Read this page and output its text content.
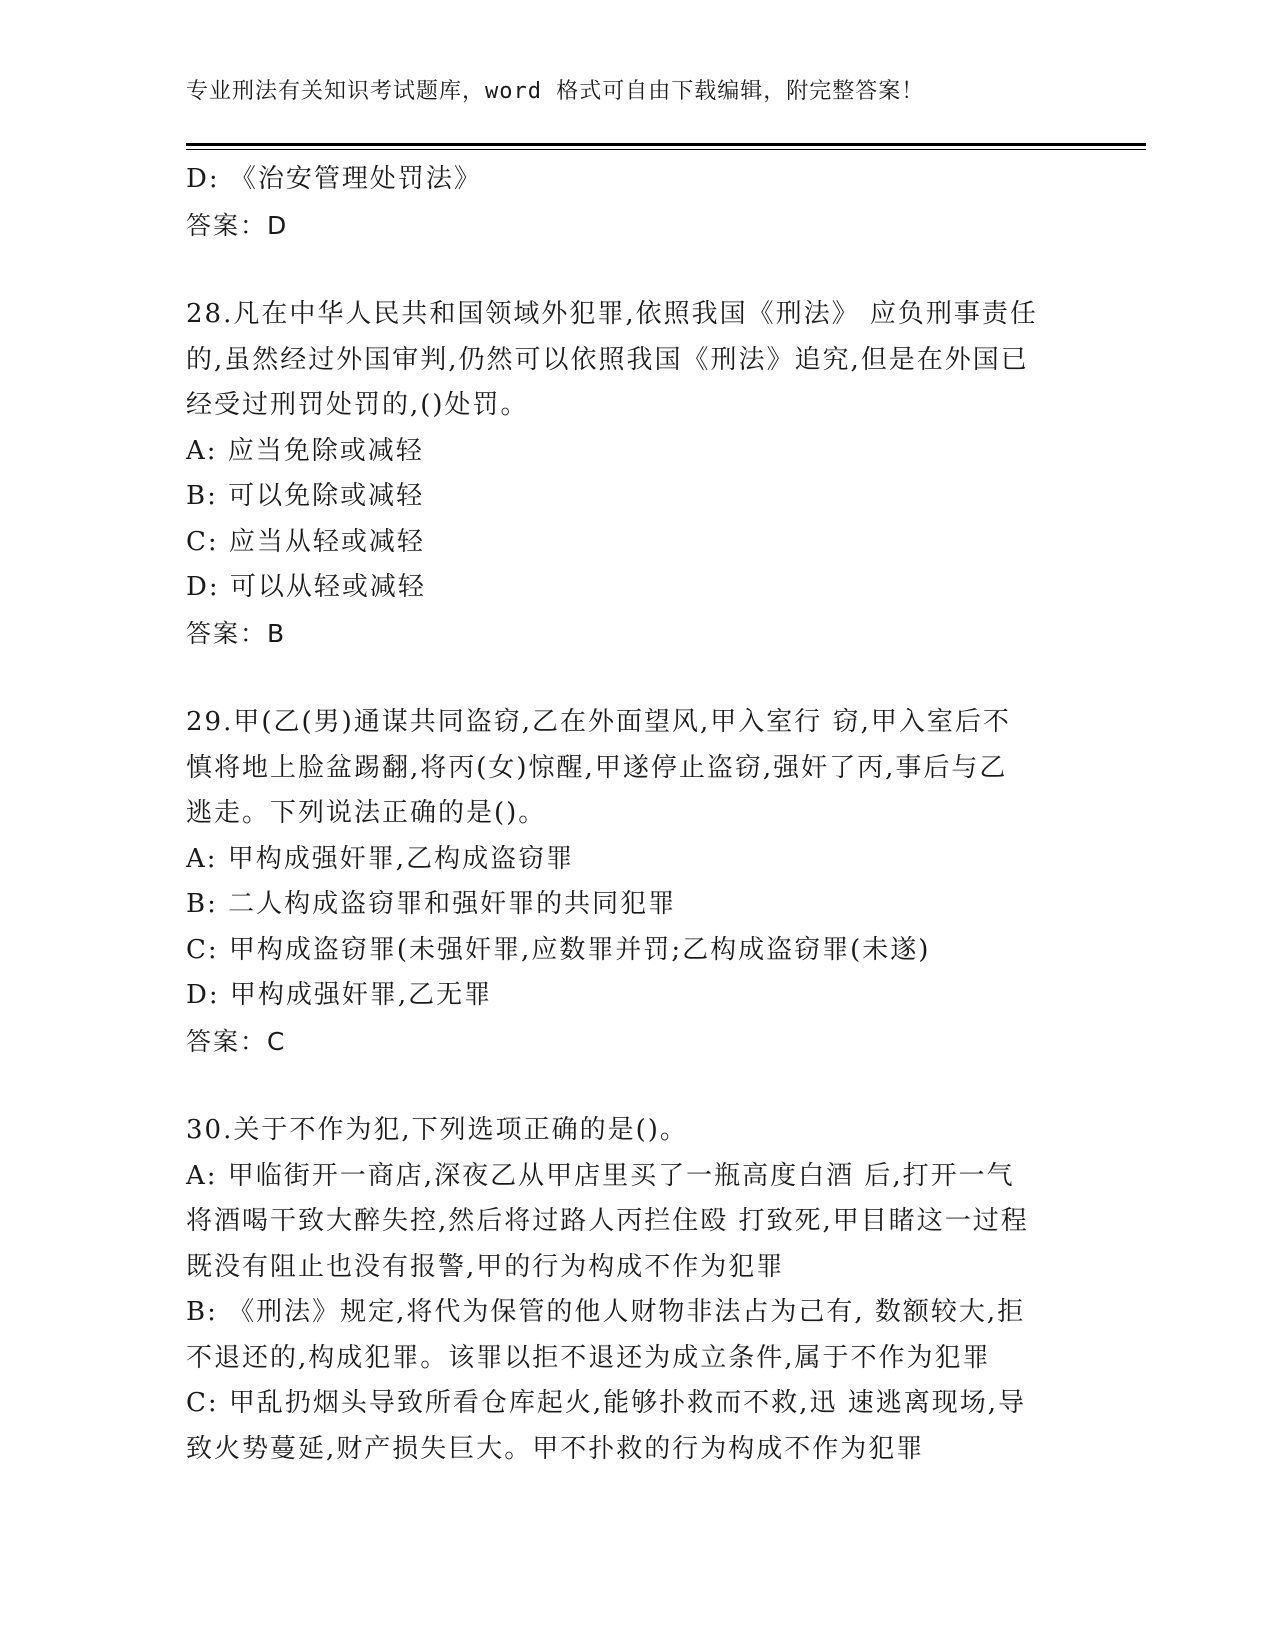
专业刑法有关知识考试题库，word 格式可自由下载编辑，附完整答案！
D: 《治安管理处罚法》
答案：D
28.凡在中华人民共和国领域外犯罪,依照我国《刑法》 应负刑事责任
的,虽然经过外国审判,仍然可以依照我国《刑法》追究,但是在外国已
经受过刑罚处罚的,()处罚。
A: 应当免除或减轻
B: 可以免除或减轻
C: 应当从轻或减轻
D: 可以从轻或减轻
答案：B
29.甲(乙(男)通谋共同盗窃,乙在外面望风,甲入室行 窃,甲入室后不
慎将地上脸盆踢翻,将丙(女)惊醒,甲遂停止盗窃,强奸了丙,事后与乙
逃走。下列说法正确的是()。
A: 甲构成强奸罪,乙构成盗窃罪
B: 二人构成盗窃罪和强奸罪的共同犯罪
C: 甲构成盗窃罪(未强奸罪,应数罪并罚;乙构成盗窃罪(未遂)
D: 甲构成强奸罪,乙无罪
答案：C
30.关于不作为犯,下列选项正确的是()。
A: 甲临街开一商店,深夜乙从甲店里买了一瓶高度白酒 后,打开一气
将酒喝干致大醉失控,然后将过路人丙拦住殴 打致死,甲目睹这一过程
既没有阻止也没有报警,甲的行为构成不作为犯罪
B: 《刑法》规定,将代为保管的他人财物非法占为己有, 数额较大,拒
不退还的,构成犯罪。该罪以拒不退还为成立条件,属于不作为犯罪
C: 甲乱扔烟头导致所看仓库起火,能够扑救而不救,迅 速逃离现场,导
致火势蔓延,财产损失巨大。甲不扑救的行为构成不作为犯罪
